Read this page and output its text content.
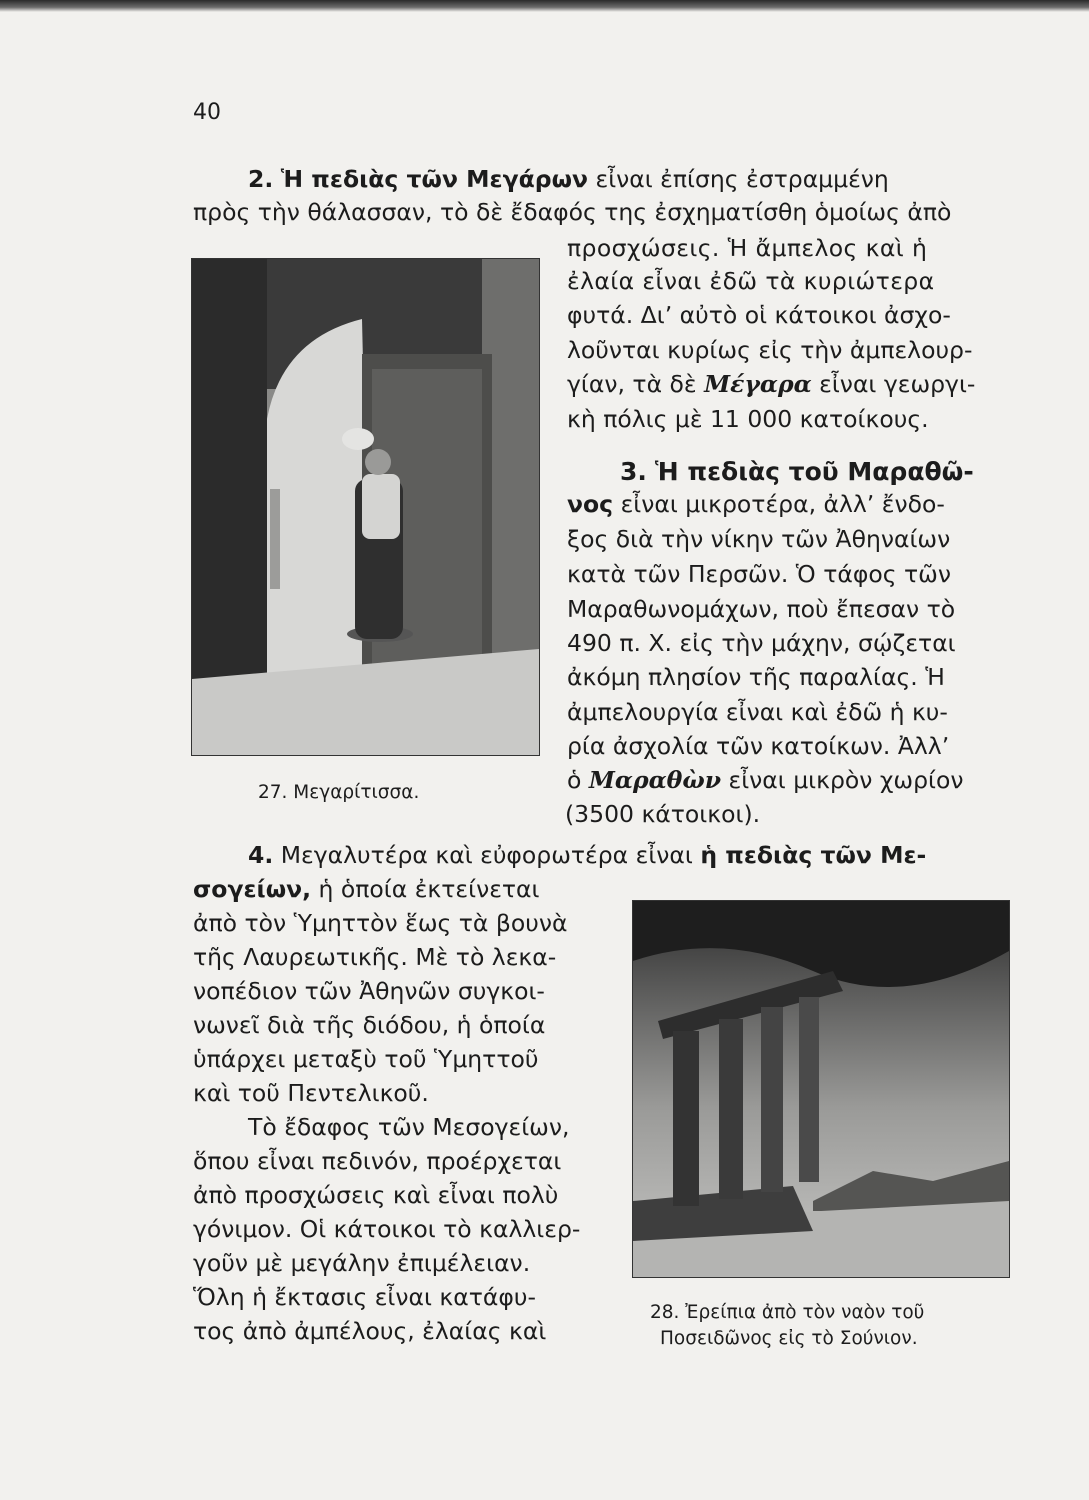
40

2. Ἡ πεδιὰς τῶν Μεγάρων εἶναι ἐπίσης ἐστραμμένη

πρὸς τὴν θάλασσαν, τὸ δὲ ἔδαφός της ἐσχηματίσθη ὁμοίως ἀπὸ

προσχώσεις. Ἡ ἄμπελος καὶ ἡ

ἐλαία εἶναι ἐδῶ τὰ κυριώτερα

φυτά. Διʼ αὐτὸ οἱ κάτοικοι ἀσχο-

λοῦνται κυρίως εἰς τὴν ἀμπελουρ-

γίαν, τὰ δὲ Μέγαρα εἶναι γεωργι-

κὴ πόλις μὲ 11 000 κατοίκους.

27. Μεγαρίτισσα.

3. Ἡ πεδιὰς τοῦ Μαραθῶ-

νος εἶναι μικροτέρα, ἀλλʼ ἔνδο-

ξος διὰ τὴν νίκην τῶν Ἀθηναίων

κατὰ τῶν Περσῶν. Ὁ τάφος τῶν

Μαραθωνομάχων, ποὺ ἔπεσαν τὸ

490 π. Χ. εἰς τὴν μάχην, σῴζεται

ἀκόμη πλησίον τῆς παραλίας. Ἡ

ἀμπελουργία εἶναι καὶ ἐδῶ ἡ κυ-

ρία ἀσχολία τῶν κατοίκων. Ἀλλʼ

ὁ Μαραθὼν εἶναι μικρὸν χωρίον

(3500 κάτοικοι).

4. Μεγαλυτέρα καὶ εὐφορωτέρα εἶναι ἡ πεδιὰς τῶν Με-

σογείων, ἡ ὁποία ἐκτείνεται

ἀπὸ τὸν Ὑμηττὸν ἕως τὰ βουνὰ

τῆς Λαυρεωτικῆς. Μὲ τὸ λεκα-

νοπέδιον τῶν Ἀθηνῶν συγκοι-

νωνεῖ διὰ τῆς διόδου, ἡ ὁποία

ὑπάρχει μεταξὺ τοῦ Ὑμηττοῦ

καὶ τοῦ Πεντελικοῦ.

Τὸ ἔδαφος τῶν Μεσογείων,

ὅπου εἶναι πεδινόν, προέρχεται

ἀπὸ προσχώσεις καὶ εἶναι πολὺ

γόνιμον. Οἱ κάτοικοι τὸ καλλιερ-

γοῦν μὲ μεγάλην ἐπιμέλειαν.

Ὅλη ἡ ἔκτασις εἶναι κατάφυ-

τος ἀπὸ ἀμπέλους, ἐλαίας καὶ

28. Ἐρείπια ἀπὸ τὸν ναὸν τοῦ

Ποσειδῶνος εἰς τὸ Σούνιον.
